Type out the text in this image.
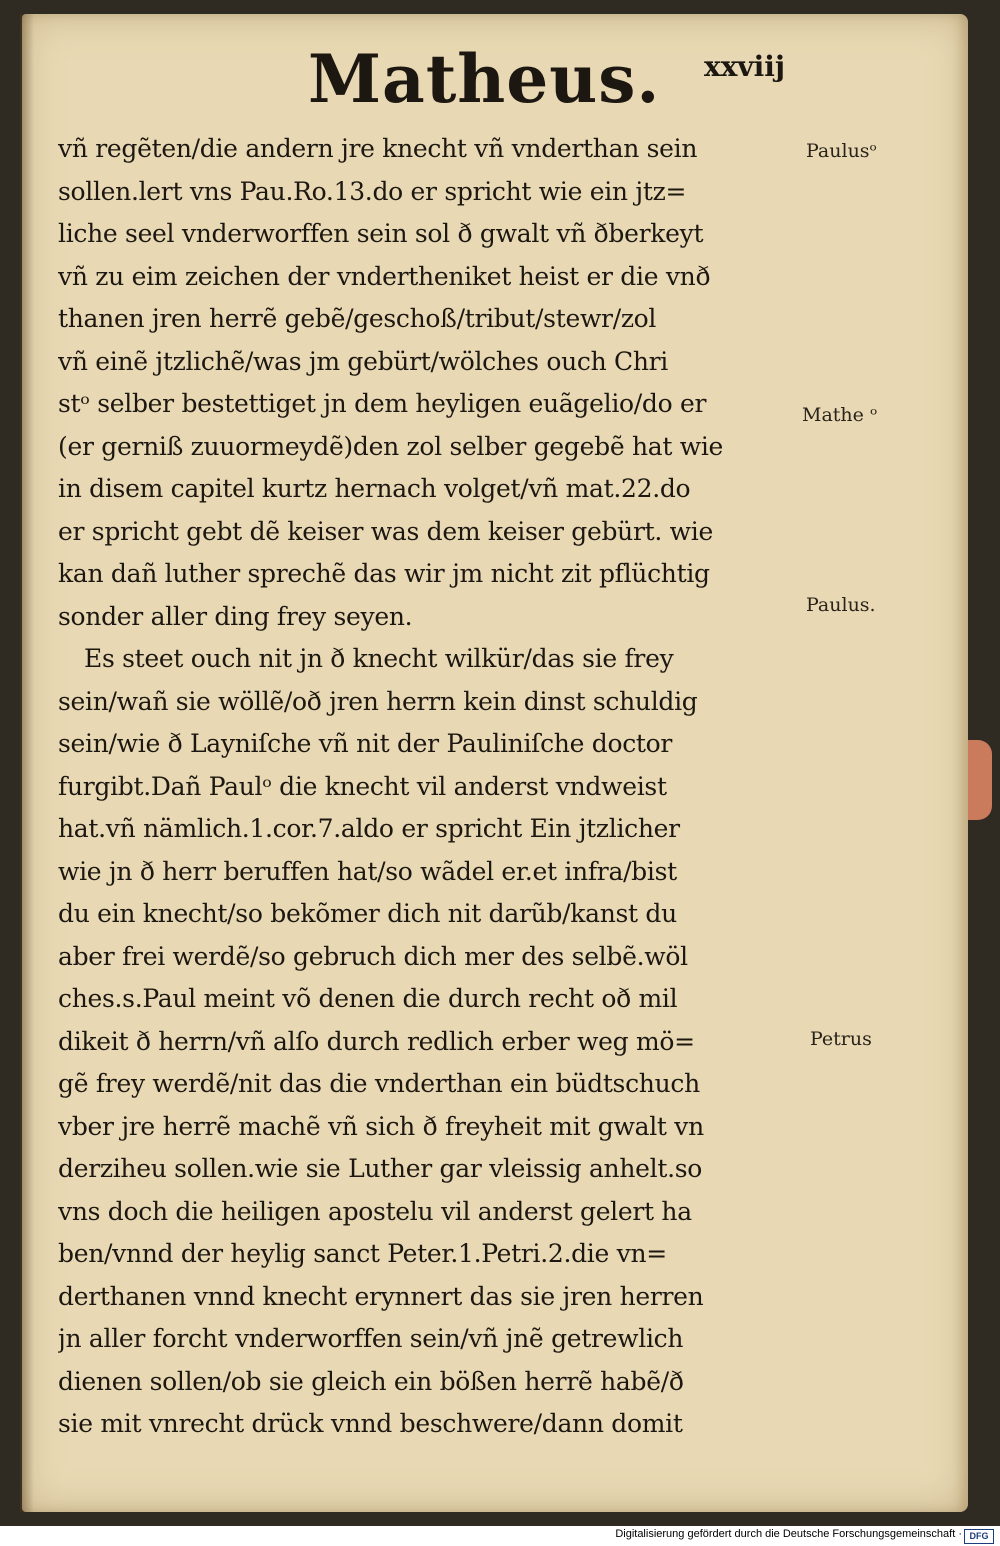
Matheus. xxviij
vñ regẽten/die andern jre knecht vñ vnderthan sein
sollen.lert vns Pau.Ro.13.do er spricht wie ein jtz=
liche seel vnderworffen sein sol ð gwalt vñ ðberkeyt
vñ zu eim zeichen der vndertheniket heist er die vnð
thanen jren herrẽ gebẽ/geschoß/tribut/stewr/zol
vñ einẽ jtzlichẽ/was jm gebürt/wölches ouch Chri
stᵒ selber bestettiget jn dem heyligen euãgelio/do er
(er gerniß zuuormeydẽ)den zol selber gegebẽ hat wie
in disem capitel kurtz hernach volget/vñ mat.22.do
er spricht gebt dẽ keiser was dem keiser gebürt. wie
kan dañ luther sprechẽ das wir jm nicht zit pflüchtig
sonder aller ding frey seyen.
Es steet ouch nit jn ð knecht wilkür/das sie frey
sein/wañ sie wöllẽ/oð jren herrn kein dinst schuldig
sein/wie ð Layniſche vñ nit der Pauliniſche doctor
furgibt.Dañ Paulᵒ die knecht vil anderst vndweist
hat.vñ nämlich.1.cor.7.aldo er spricht Ein jtzlicher
wie jn ð herr beruffen hat/so wãdel er.et infra/bist
du ein knecht/so bekõmer dich nit darũb/kanst du
aber frei werdẽ/so gebruch dich mer des selbẽ.wöl
ches.s.Paul meint võ denen die durch recht oð mil
dikeit ð herrn/vñ alſo durch redlich erber weg mö=
gẽ frey werdẽ/nit das die vnderthan ein büdtschuch
vber jre herrẽ machẽ vñ sich ð freyheit mit gwalt vn
derziheu sollen.wie sie Luther gar vleissig anhelt.so
vns doch die heiligen apostelu vil anderst gelert ha
ben/vnnd der heylig sanct Peter.1.Petri.2.die vn=
derthanen vnnd knecht erynnert das sie jren herren
jn aller forcht vnderworffen sein/vñ jnẽ getrewlich
dienen sollen/ob sie gleich ein bößen herrẽ habẽ/ð
sie mit vnrecht drück vnnd beschwere/dann domit
Paulusᵒ
Mathe ᵒ
Paulus.
Petrus
Digitalisierung gefördert durch die Deutsche Forschungsgemeinschaft · DFG
